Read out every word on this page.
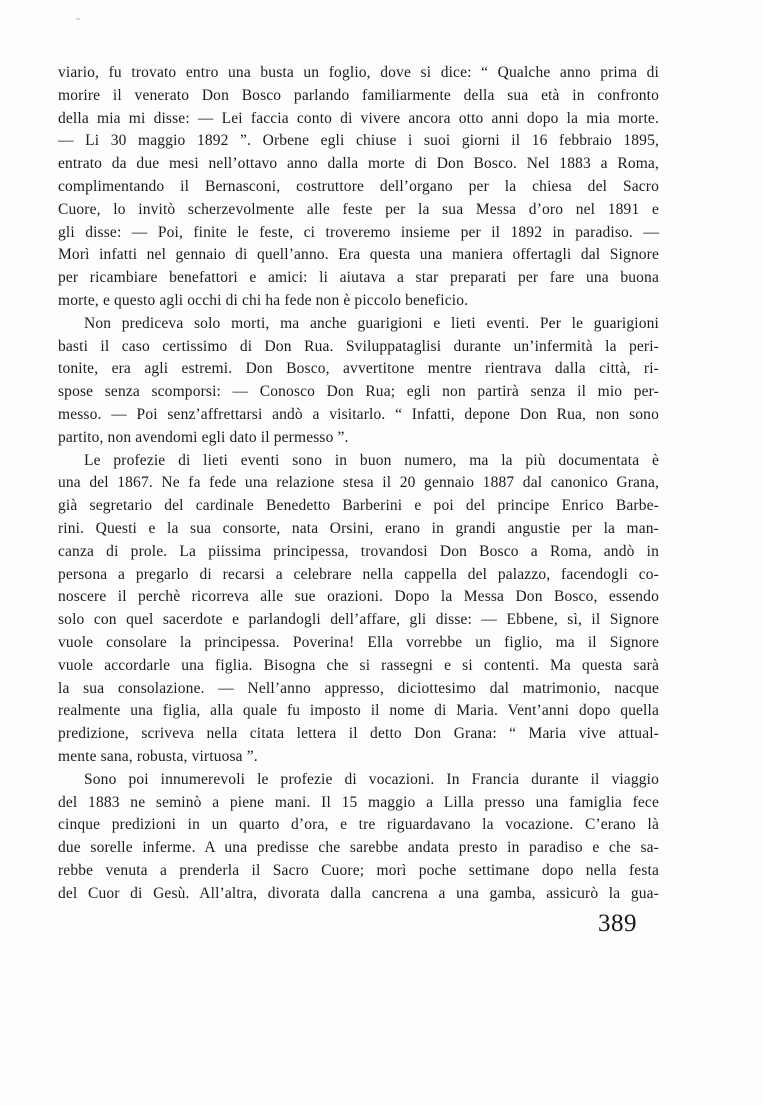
viario, fu trovato entro una busta un foglio, dove si dice: “ Qualche anno prima di
morire il venerato Don Bosco parlando familiarmente della sua età in confronto
della mia mi disse: — Lei faccia conto di vivere ancora otto anni dopo la mia morte.
— Li 30 maggio 1892 ”. Orbene egli chiuse i suoi giorni il 16 febbraio 1895,
entrato da due mesi nell’ottavo anno dalla morte di Don Bosco. Nel 1883 a Roma,
complimentando il Bernasconi, costruttore dell’organo per la chiesa del Sacro
Cuore, lo invitò scherzevolmente alle feste per la sua Messa d’oro nel 1891 e
gli disse: — Poi, finite le feste, ci troveremo insieme per il 1892 in paradiso. —
Morì infatti nel gennaio di quell’anno. Era questa una maniera offertagli dal Signore
per ricambiare benefattori e amici: li aiutava a star preparati per fare una buona
morte, e questo agli occhi di chi ha fede non è piccolo beneficio.
Non prediceva solo morti, ma anche guarigioni e lieti eventi. Per le guarigioni
basti il caso certissimo di Don Rua. Sviluppataglisi durante un’infermità la peri-
tonite, era agli estremi. Don Bosco, avvertitone mentre rientrava dalla città, ri-
spose senza scomporsi: — Conosco Don Rua; egli non partirà senza il mio per-
messo. — Poi senz’affrettarsi andò a visitarlo. “ Infatti, depone Don Rua, non sono
partito, non avendomi egli dato il permesso ”.
Le profezie di lieti eventi sono in buon numero, ma la più documentata è
una del 1867. Ne fa fede una relazione stesa il 20 gennaio 1887 dal canonico Grana,
già segretario del cardinale Benedetto Barberini e poi del principe Enrico Barbe-
rini. Questi e la sua consorte, nata Orsini, erano in grandi angustie per la man-
canza di prole. La piissima principessa, trovandosi Don Bosco a Roma, andò in
persona a pregarlo di recarsi a celebrare nella cappella del palazzo, facendogli co-
noscere il perchè ricorreva alle sue orazioni. Dopo la Messa Don Bosco, essendo
solo con quel sacerdote e parlandogli dell’affare, gli disse: — Ebbene, sì, il Signore
vuole consolare la principessa. Poverina! Ella vorrebbe un figlio, ma il Signore
vuole accordarle una figlia. Bisogna che si rassegni e si contenti. Ma questa sarà
la sua consolazione. — Nell’anno appresso, diciottesimo dal matrimonio, nacque
realmente una figlia, alla quale fu imposto il nome di Maria. Vent’anni dopo quella
predizione, scriveva nella citata lettera il detto Don Grana: “ Maria vive attual-
mente sana, robusta, virtuosa ”.
Sono poi innumerevoli le profezie di vocazioni. In Francia durante il viaggio
del 1883 ne seminò a piene mani. Il 15 maggio a Lilla presso una famiglia fece
cinque predizioni in un quarto d’ora, e tre riguardavano la vocazione. C’erano là
due sorelle inferme. A una predisse che sarebbe andata presto in paradiso e che sa-
rebbe venuta a prenderla il Sacro Cuore; morì poche settimane dopo nella festa
del Cuor di Gesù. All’altra, divorata dalla cancrena a una gamba, assicurò la gua-
389
